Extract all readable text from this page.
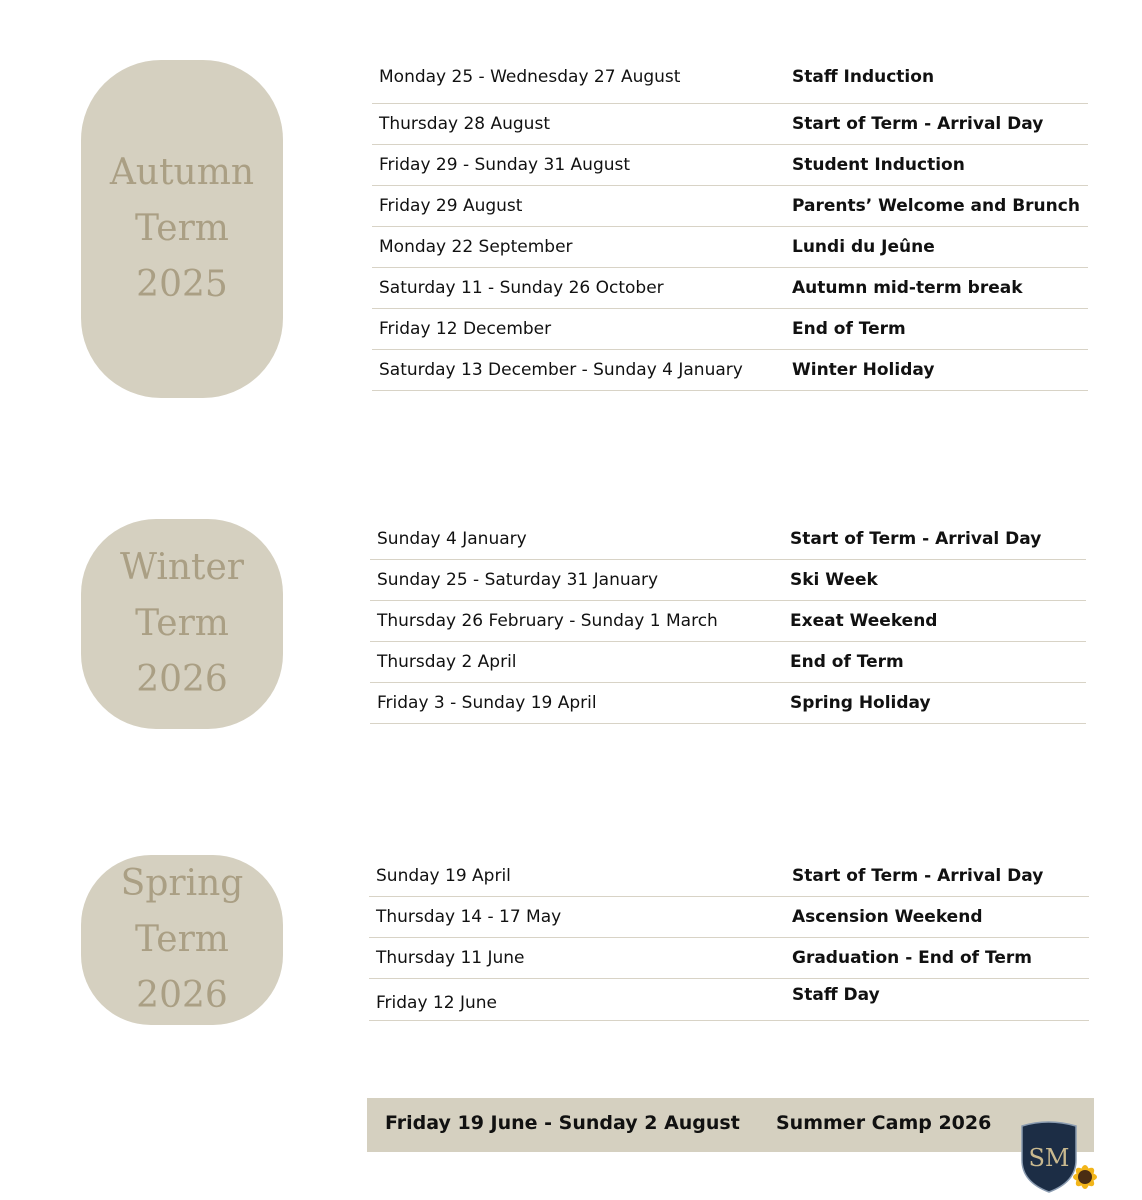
Autumn
Term
2025
Monday 25 - Wednesday 27 August	Staff Induction
Thursday 28 August	Start of Term - Arrival Day
Friday 29 - Sunday 31 August	Student Induction
Friday 29 August	Parents’ Welcome and Brunch
Monday 22 September	Lundi du Jeûne
Saturday 11 - Sunday 26 October	Autumn mid-term break
Friday 12 December	End of Term
Saturday 13 December - Sunday 4 January	Winter Holiday
Winter
Term
2026
Sunday 4 January	Start of Term - Arrival Day
Sunday 25 - Saturday 31 January	Ski Week
Thursday 26 February - Sunday 1 March	Exeat Weekend
Thursday 2 April	End of Term
Friday 3 - Sunday 19 April	Spring Holiday
Spring
Term
2026
Sunday 19 April	Start of Term - Arrival Day
Thursday 14 - 17 May	Ascension Weekend
Thursday 11 June	Graduation - End of Term
Friday 12 June	Staff Day
Friday 19 June - Sunday 2 August Summer Camp 2026
SM
